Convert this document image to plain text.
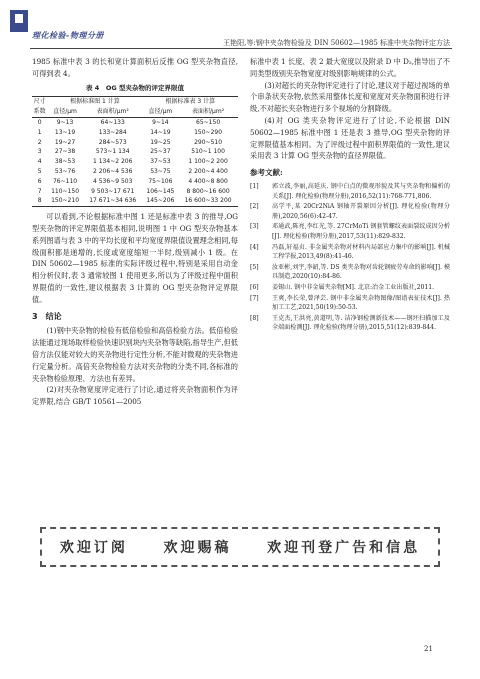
理化检验-物理分册
王艳阳,等:钢中夹杂物检验及 DIN 50602—1985 标准中夹杂物评定方法

1985 标准中表 3 的长和宽计算面积后反推 OG 型夹杂物直径,可得到表 4。

表 4　OG 型夹杂物的评定界限值
尺寸	根据标准图 1 计算		根据标准表 3 计算	
系数	直径/μm	表面积/μm²	直径/μm	表面积/μm²
0	9~13	64~133	9~14	65~150
1	13~19	133~284	14~19	150~290
2	19~27	284~573	19~25	290~510
3	27~38	573~1 134	25~37	510~1 100
4	38~53	1 134~2 206	37~53	1 100~2 200
5	53~76	2 206~4 536	53~75	2 200~4 400
6	76~110	4 536~9 503	75~106	4 400~8 800
7	110~150	9 503~17 671	106~145	8 800~16 600
8	150~210	17 671~34 636	145~206	16 600~33 200

可以看到,不论根据标准中图 1 还是标准中表 3 的推导,OG 型夹杂物的评定界限值基本相同,说明图 1 中 OG 型夹杂物基本系列图谱与表 3 中的平均长度和平均宽度界限值设置理念相同,每级面积都是递增的,长度或宽度缩短一半时,级别减小 1 级。在 DIN 50602—1985 标准的实际评级过程中,特别是采用自动金相分析仪时,表 3 通常较图 1 使用更多,所以为了评级过程中面积界限值的一致性,建议根据表 3 计算的 OG 型夹杂物评定界限值。

3　结论

(1)钢中夹杂物的检验有低倍检验和高倍检验方法。低倍检验法能通过现场取样检验快速识别块内夹杂物等缺陷,指导生产,但低倍方法仅能对较大的夹杂物进行定性分析,不能对微观的夹杂物进行定量分析。高倍夹杂物检验方法对夹杂物的分类不同,各标准的夹杂物检验原理、方法也有差异。

(2)对夹杂物宽度评定进行了讨论,通过将夹杂物面积作为评定界限,结合 GB/T 10561—2005

标准中表 1 长度、表 2 最大宽度以及附录 D 中 D₂,推导出了不同类型级别夹杂物宽度对级别影响规律的公式。

(3)对超长的夹杂物评定进行了讨论,建议对于超过视场的单个串条状夹杂物,依然采用整体长度和宽度对夹杂物面积进行评级,不对超长夹杂物进行多个视场的分割降级。

(4)对 OG 类夹杂物评定进行了讨论,不论根据 DIN 50602—1985 标准中图 1 还是表 3 推导,OG 型夹杂物的评定界限值基本相同。为了评级过程中面积界限值的一致性,建议采用表 3 计算 OG 型夹杂物的直径界限值。

参考文献:
[1]	郭立波,李丽,高延庆. 钢中白点的微观形貌及其与夹杂物和偏析的关系[J]. 理化检验(物理分册),2016,52(11):768-771,806.
[2]	高学平,某 20Cr2NiA 钢轴开裂原因分析[J]. 理化检验(物理分册),2020,56(6):42-47.
[3]	邓通武,陈亮,李红光,等. 27CrMoTi 钢套管螺纹表面裂纹成因分析[J]. 理化检验(物理分册),2017,53(11):829-832.
[4]	冯磊,轩福贞. 非金属夹杂物对材料内局部应力集中的影响[J]. 机械工程学报,2013,49(8):41-46.
[5]	汝亚彬,刘宇,李韶,等. DS 类夹杂物对齿轮钢疲劳寿命的影响[J]. 模具制造,2020(10):84-86.
[6]	姜锡山. 钢中非金属夹杂物[M]. 北京:冶金工业出版社,2011.
[7]	王爽,李长荣,曾泽芸. 钢中非金属夹杂物图像/图谱表征技术[J]. 热加工工艺,2021,50(19):50-53.
[8]	王克杰,王洪亮,黄道明,等. 洁净钢检测新技术——钢坯扫描加工及全端面检测[J]. 理化检验(物理分册),2015,51(12):839-844.
欢迎订阅	欢迎赐稿	欢迎刊登广告和信息
21
